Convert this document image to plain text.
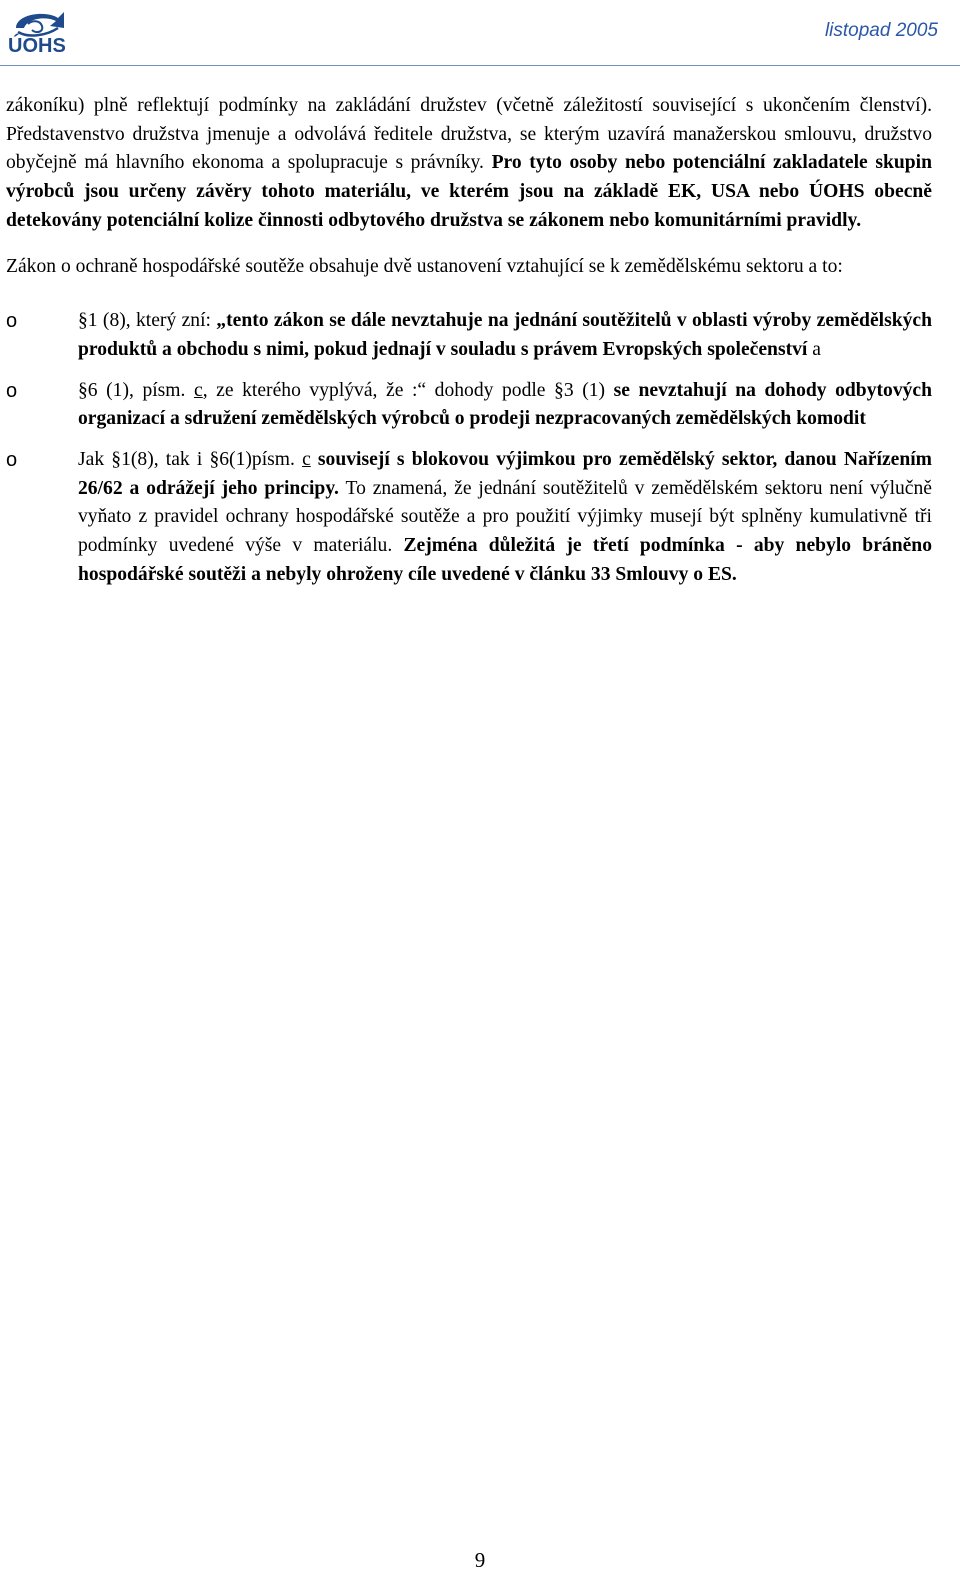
ÚOHS
listopad 2005

zákoníku) plně reflektují podmínky na zakládání družstev (včetně záležitostí související s ukončením členství). Představenstvo družstva jmenuje a odvolává ředitele družstva, se kterým uzavírá manažerskou smlouvu, družstvo obyčejně má hlavního ekonoma a spolupracuje s právníky. Pro tyto osoby nebo potenciální zakladatele skupin výrobců jsou určeny závěry tohoto materiálu, ve kterém jsou na základě EK, USA nebo ÚOHS obecně detekovány potenciální kolize činnosti odbytového družstva se zákonem nebo komunitárními pravidly.

Zákon o ochraně hospodářské soutěže obsahuje dvě ustanovení vztahující se k zemědělskému sektoru a to:

o	§1 (8), který zní: „tento zákon se dále nevztahuje na jednání soutěžitelů v oblasti výroby zemědělských produktů a obchodu s nimi, pokud jednají v souladu s právem Evropských společenství a
o	§6 (1), písm. c, ze kterého vyplývá, že :“ dohody podle §3 (1) se nevztahují na dohody odbytových organizací a sdružení zemědělských výrobců o prodeji nezpracovaných zemědělských komodit
o	Jak §1(8), tak i §6(1)písm. c souvisejí s blokovou výjimkou pro zemědělský sektor, danou Nařízením 26/62 a odrážejí jeho principy. To znamená, že jednání soutěžitelů v zemědělském sektoru není výlučně vyňato z pravidel ochrany hospodářské soutěže a pro použití výjimky musejí být splněny kumulativně tři podmínky uvedené výše v materiálu. Zejména důležitá je třetí podmínka - aby nebylo bráněno hospodářské soutěži a nebyly ohroženy cíle uvedené v článku 33 Smlouvy o ES.
9
